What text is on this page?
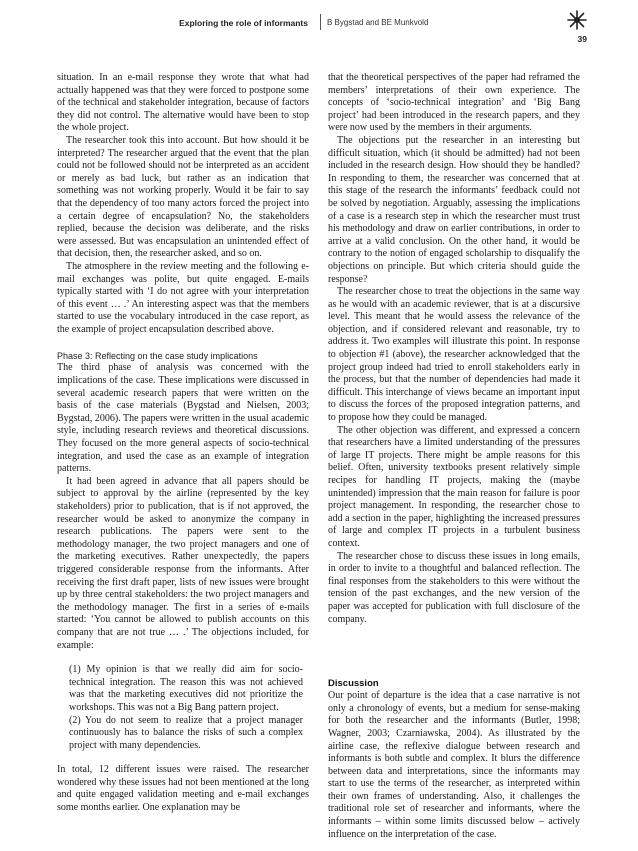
Exploring the role of informants B Bygstad and BE Munkvold
39

situation. In an e-mail response they wrote that what had actually happened was that they were forced to postpone some of the technical and stakeholder integration, because of factors they did not control. The alternative would have been to stop the whole project.

The researcher took this into account. But how should it be interpreted? The researcher argued that the event that the plan could not be followed should not be interpreted as an accident or merely as bad luck, but rather as an indication that something was not working properly. Would it be fair to say that the dependency of too many actors forced the project into a certain degree of encapsulation? No, the stakeholders replied, because the decision was deliberate, and the risks were assessed. But was encapsulation an unintended effect of that decision, then, the researcher asked, and so on.

The atmosphere in the review meeting and the following e-mail exchanges was polite, but quite engaged. E-mails typically started with ‘I do not agree with your interpretation of this event … .’ An interesting aspect was that the members started to use the vocabulary introduced in the case report, as the example of project encapsulation described above.

Phase 3: Reflecting on the case study implications

The third phase of analysis was concerned with the implications of the case. These implications were discussed in several academic research papers that were written on the basis of the case materials (Bygstad and Nielsen, 2003; Bygstad, 2006). The papers were written in the usual academic style, including research reviews and theoretical discussions. They focused on the more general aspects of socio-technical integration, and used the case as an example of integration patterns.

It had been agreed in advance that all papers should be subject to approval by the airline (represented by the key stakeholders) prior to publication, that is if not approved, the researcher would be asked to anonymize the company in research publications. The papers were sent to the methodology manager, the two project managers and one of the marketing executives. Rather unexpectedly, the papers triggered considerable response from the informants. After receiving the first draft paper, lists of new issues were brought up by three central stakeholders: the two project managers and the methodology manager. The first in a series of e-mails started: ‘You cannot be allowed to publish accounts on this company that are not true … .’ The objections included, for example:

(1) My opinion is that we really did aim for socio-technical integration. The reason this was not achieved was that the marketing executives did not prioritize the workshops. This was not a Big Bang pattern project.

(2) You do not seem to realize that a project manager continuously has to balance the risks of such a complex project with many dependencies.

In total, 12 different issues were raised. The researcher wondered why these issues had not been mentioned at the long and quite engaged validation meeting and e-mail exchanges some months earlier. One explanation may be

that the theoretical perspectives of the paper had reframed the members’ interpretations of their own experience. The concepts of ‘socio-technical integration’ and ‘Big Bang project’ had been introduced in the research papers, and they were now used by the members in their arguments.

The objections put the researcher in an interesting but difficult situation, which (it should be admitted) had not been included in the research design. How should they be handled? In responding to them, the researcher was concerned that at this stage of the research the informants’ feedback could not be solved by negotiation. Arguably, assessing the implications of a case is a research step in which the researcher must trust his methodology and draw on earlier contributions, in order to arrive at a valid conclusion. On the other hand, it would be contrary to the notion of engaged scholarship to disqualify the objections on principle. But which criteria should guide the response?

The researcher chose to treat the objections in the same way as he would with an academic reviewer, that is at a discursive level. This meant that he would assess the relevance of the objection, and if considered relevant and reasonable, try to address it. Two examples will illustrate this point. In response to objection #1 (above), the researcher acknowledged that the project group indeed had tried to enroll stakeholders early in the process, but that the number of dependencies had made it difficult. This interchange of views became an important input to discuss the forces of the proposed integration patterns, and to propose how they could be managed.

The other objection was different, and expressed a concern that researchers have a limited understanding of the pressures of large IT projects. There might be ample reasons for this belief. Often, university textbooks present relatively simple recipes for handling IT projects, making the (maybe unintended) impression that the main reason for failure is poor project management. In responding, the researcher chose to add a section in the paper, highlighting the increased pressures of large and complex IT projects in a turbulent business context.

The researcher chose to discuss these issues in long emails, in order to invite to a thoughtful and balanced reflection. The final responses from the stakeholders to this were without the tension of the past exchanges, and the new version of the paper was accepted for publication with full disclosure of the company.

Discussion

Our point of departure is the idea that a case narrative is not only a chronology of events, but a medium for sense-making for both the researcher and the informants (Butler, 1998; Wagner, 2003; Czarniawska, 2004). As illustrated by the airline case, the reflexive dialogue between research and informants is both subtle and complex. It blurs the difference between data and interpretations, since the informants may start to use the terms of the researcher, as interpreted within their own frames of understanding. Also, it challenges the traditional role set of researcher and informants, where the informants – within some limits discussed below – actively influence on the interpretation of the case.
